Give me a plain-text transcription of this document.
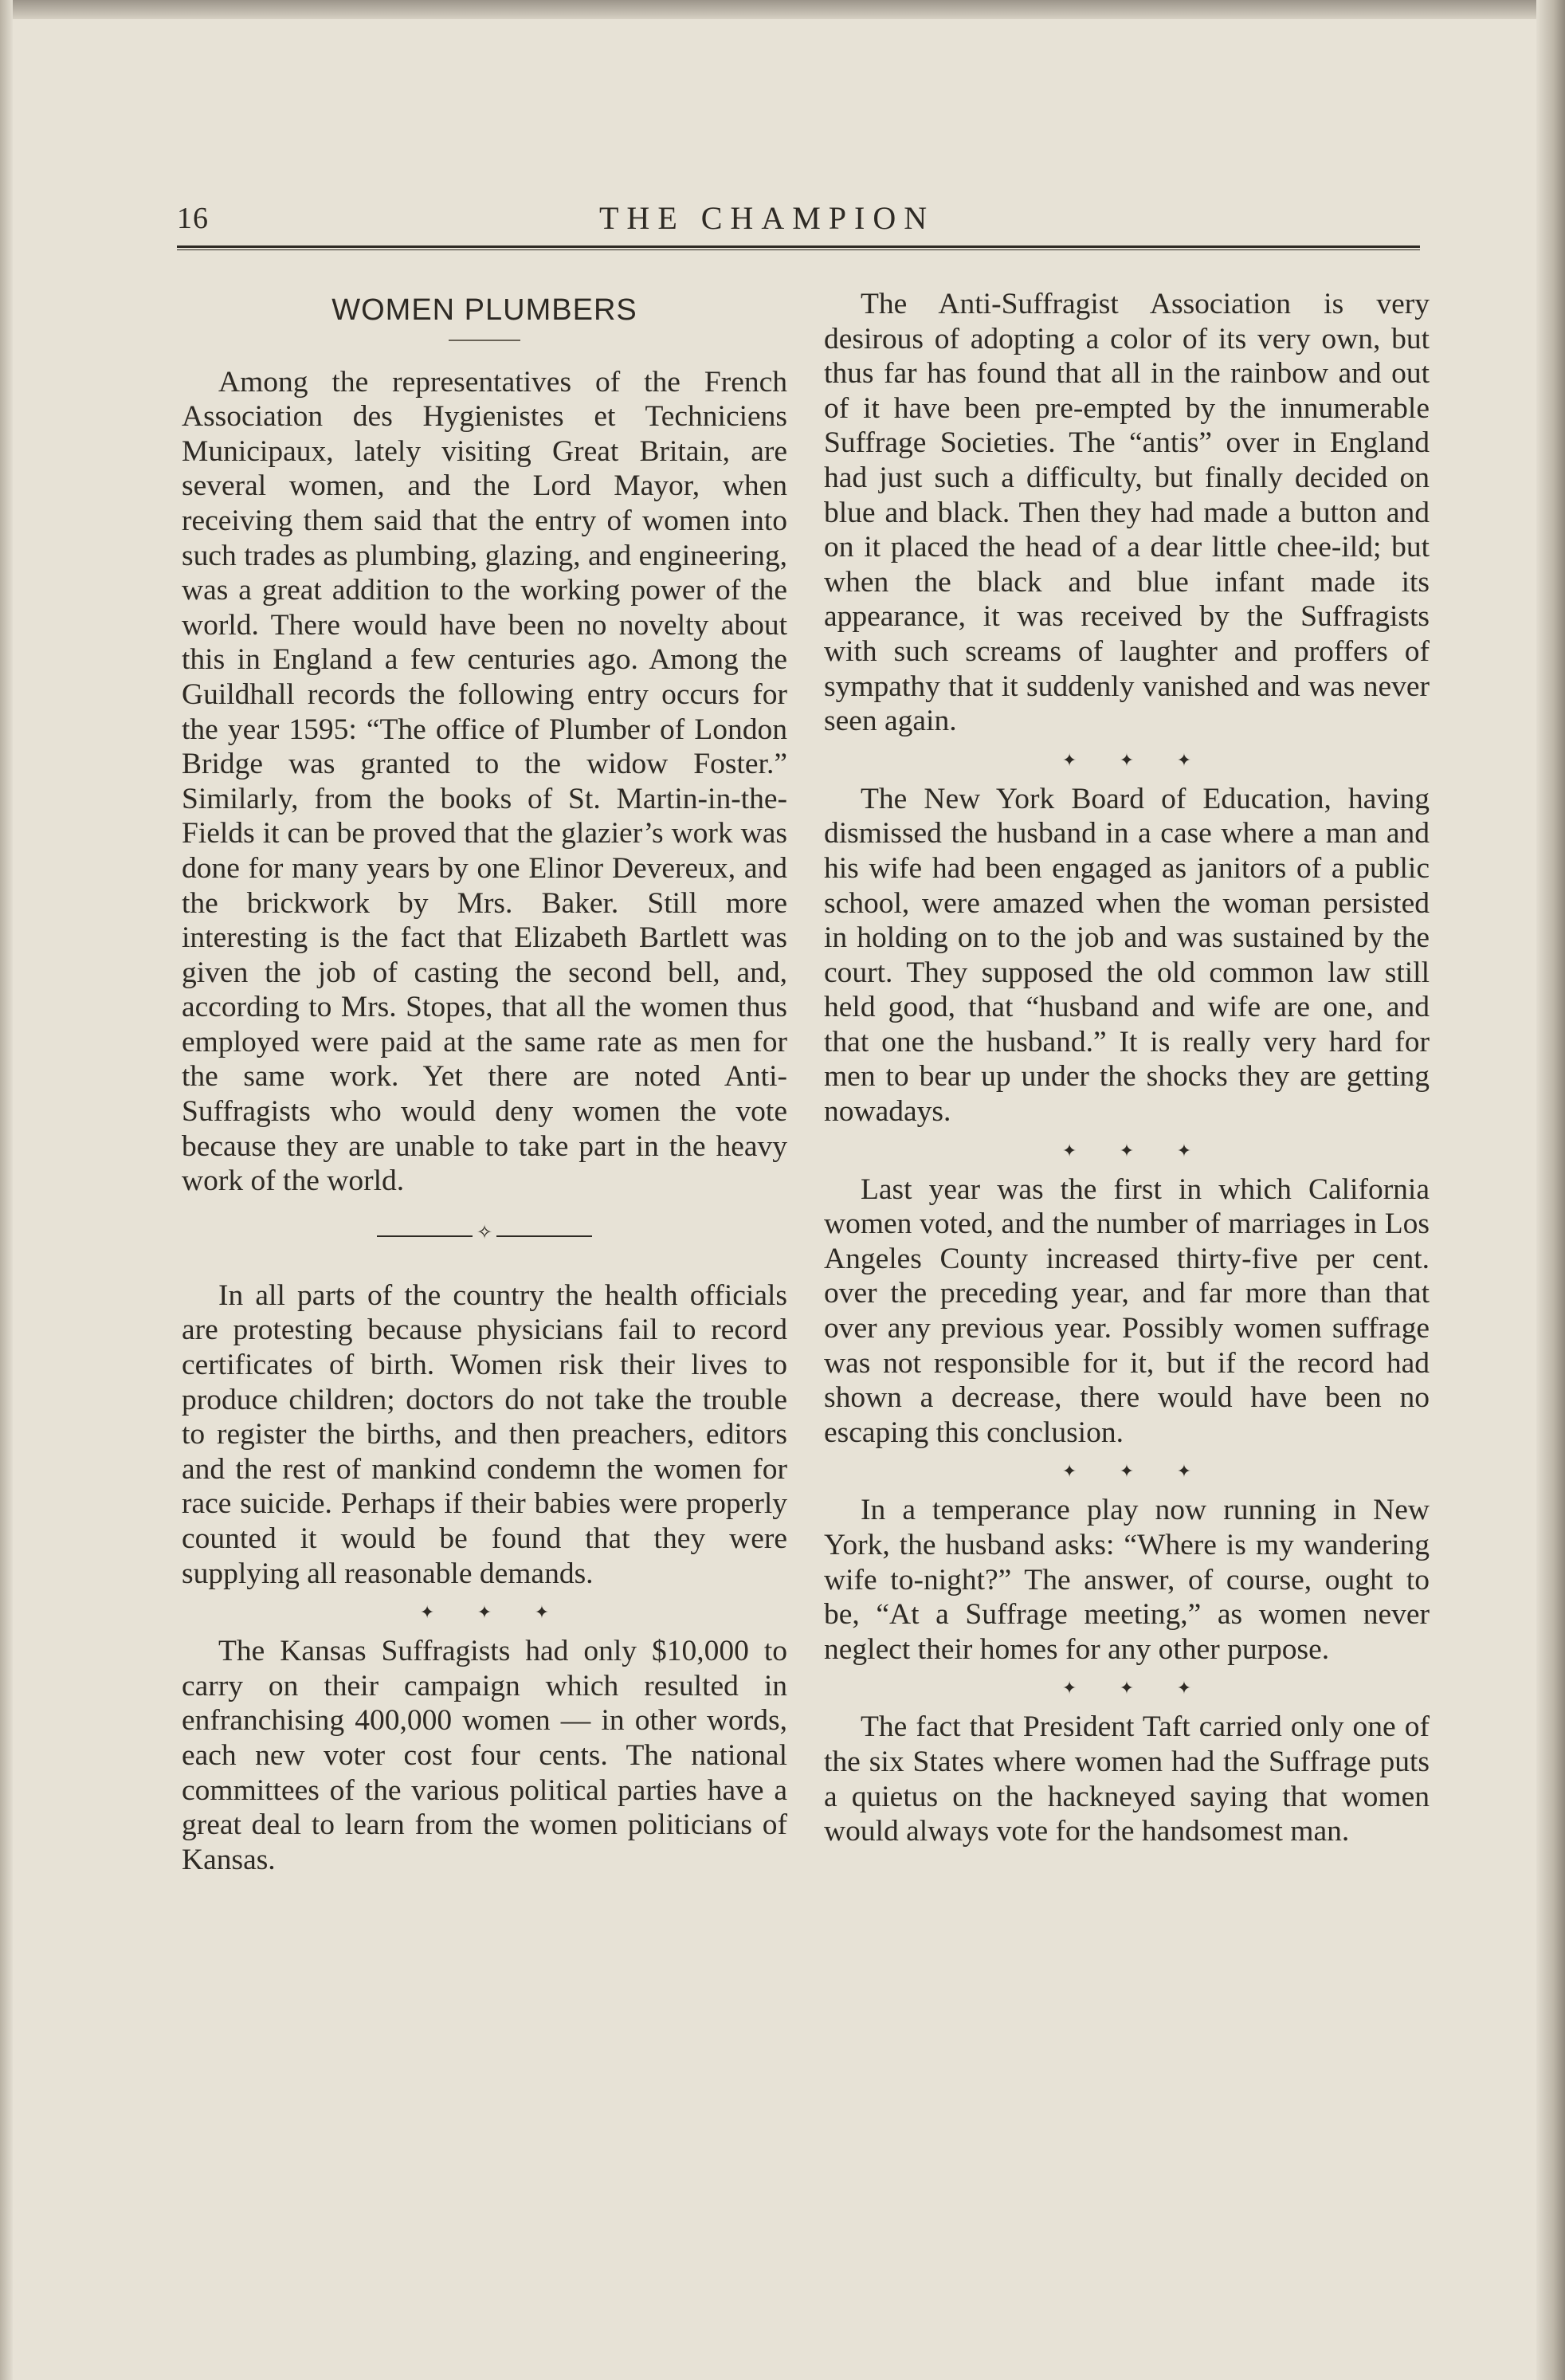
16	THE CHAMPION
WOMEN PLUMBERS

Among the representatives of the French Association des Hygienistes et Techniciens Municipaux, lately visiting Great Britain, are several women, and the Lord Mayor, when receiving them said that the entry of women into such trades as plumbing, glazing, and engineering, was a great addition to the working power of the world. There would have been no novelty about this in England a few centuries ago. Among the Guildhall records the following entry occurs for the year 1595: “The office of Plumber of London Bridge was granted to the widow Foster.” Similarly, from the books of St. Martin-in-the-Fields it can be proved that the glazier’s work was done for many years by one Elinor Devereux, and the brickwork by Mrs. Baker. Still more interesting is the fact that Elizabeth Bartlett was given the job of casting the second bell, and, according to Mrs. Stopes, that all the women thus employed were paid at the same rate as men for the same work. Yet there are noted Anti-Suffragists who would deny women the vote because they are unable to take part in the heavy work of the world.

✧

In all parts of the country the health officials are protesting because physicians fail to record certificates of birth. Women risk their lives to produce children; doctors do not take the trouble to register the births, and then preachers, editors and the rest of mankind condemn the women for race suicide. Perhaps if their babies were properly counted it would be found that they were supplying all reasonable demands.

✦ ✦ ✦

The Kansas Suffragists had only $10,000 to carry on their campaign which resulted in enfranchising 400,000 women — in other words, each new voter cost four cents. The national committees of the various political parties have a great deal to learn from the women politicians of Kansas.

The Anti-Suffragist Association is very desirous of adopting a color of its very own, but thus far has found that all in the rainbow and out of it have been pre-empted by the innumerable Suffrage Societies. The “antis” over in England had just such a difficulty, but finally decided on blue and black. Then they had made a button and on it placed the head of a dear little chee-ild; but when the black and blue infant made its appearance, it was received by the Suffragists with such screams of laughter and proffers of sympathy that it suddenly vanished and was never seen again.

✦ ✦ ✦

The New York Board of Education, having dismissed the husband in a case where a man and his wife had been engaged as janitors of a public school, were amazed when the woman persisted in holding on to the job and was sustained by the court. They supposed the old common law still held good, that “husband and wife are one, and that one the husband.” It is really very hard for men to bear up under the shocks they are getting nowadays.

✦ ✦ ✦

Last year was the first in which California women voted, and the number of marriages in Los Angeles County increased thirty-five per cent. over the preceding year, and far more than that over any previous year. Possibly women suffrage was not responsible for it, but if the record had shown a decrease, there would have been no escaping this conclusion.

✦ ✦ ✦

In a temperance play now running in New York, the husband asks: “Where is my wandering wife to-night?” The answer, of course, ought to be, “At a Suffrage meeting,” as women never neglect their homes for any other purpose.

✦ ✦ ✦

The fact that President Taft carried only one of the six States where women had the Suffrage puts a quietus on the hackneyed saying that women would always vote for the handsomest man.
